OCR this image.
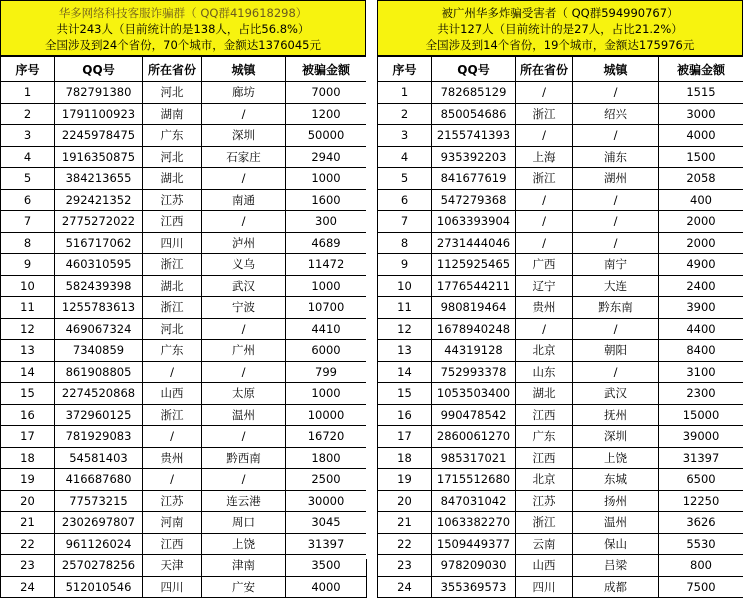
华多网络科技客服诈骗群（ QQ群419618298）
共计243人（目前统计的是138人，占比56.8%）
全国涉及到24个省份，70个城市，金额达1376045元
序号	QQ号	所在省份	城镇	被骗金额
1	782791380	河北	廊坊	7000
2	1791100923	湖南	/	1200
3	2245978475	广东	深圳	50000
4	1916350875	河北	石家庄	2940
5	384213655	湖北	/	1000
6	292421352	江苏	南通	1600
7	2775272022	江西	/	300
8	516717062	四川	泸州	4689
9	460310595	浙江	义乌	11472
10	582439398	湖北	武汉	1000
11	1255783613	浙江	宁波	10700
12	469067324	河北	/	4410
13	7340859	广东	广州	6000
14	861908805	/	/	799
15	2274520868	山西	太原	1000
16	372960125	浙江	温州	10000
17	781929083	/	/	16720
18	54581403	贵州	黔西南	1800
19	416687680	/	/	2500
20	77573215	江苏	连云港	30000
21	2302697807	河南	周口	3045
22	961126024	江西	上饶	31397
23	2570278256	天津	津南	3500
24	512010546	四川	广安	4000
被广州华多炸骗受害者（ QQ群594990767）
共计127人（目前统计的是27人，占比21.2%）
全国涉及到14个省份，19个城市，金额达175976元
序号	QQ号	所在省份	城镇	被骗金额
1	782685129	/	/	1515
2	850054686	浙江	绍兴	3000
3	2155741393	/	/	4000
4	935392203	上海	浦东	1500
5	841677619	浙江	湖州	2058
6	547279368	/	/	400
7	1063393904	/	/	2000
8	2731444046	/	/	2000
9	1125925465	广西	南宁	4900
10	1776544211	辽宁	大连	2400
11	980819464	贵州	黔东南	3900
12	1678940248	/	/	4400
13	44319128	北京	朝阳	8400
14	752993378	山东	/	3100
15	1053503400	湖北	武汉	2300
16	990478542	江西	抚州	15000
17	2860061270	广东	深圳	39000
18	985317021	江西	上饶	31397
19	1715512680	北京	东城	6500
20	847031042	江苏	扬州	12250
21	1063382270	浙江	温州	3626
22	1509449377	云南	保山	5530
23	978209030	山西	吕梁	800
24	355369573	四川	成都	7500
